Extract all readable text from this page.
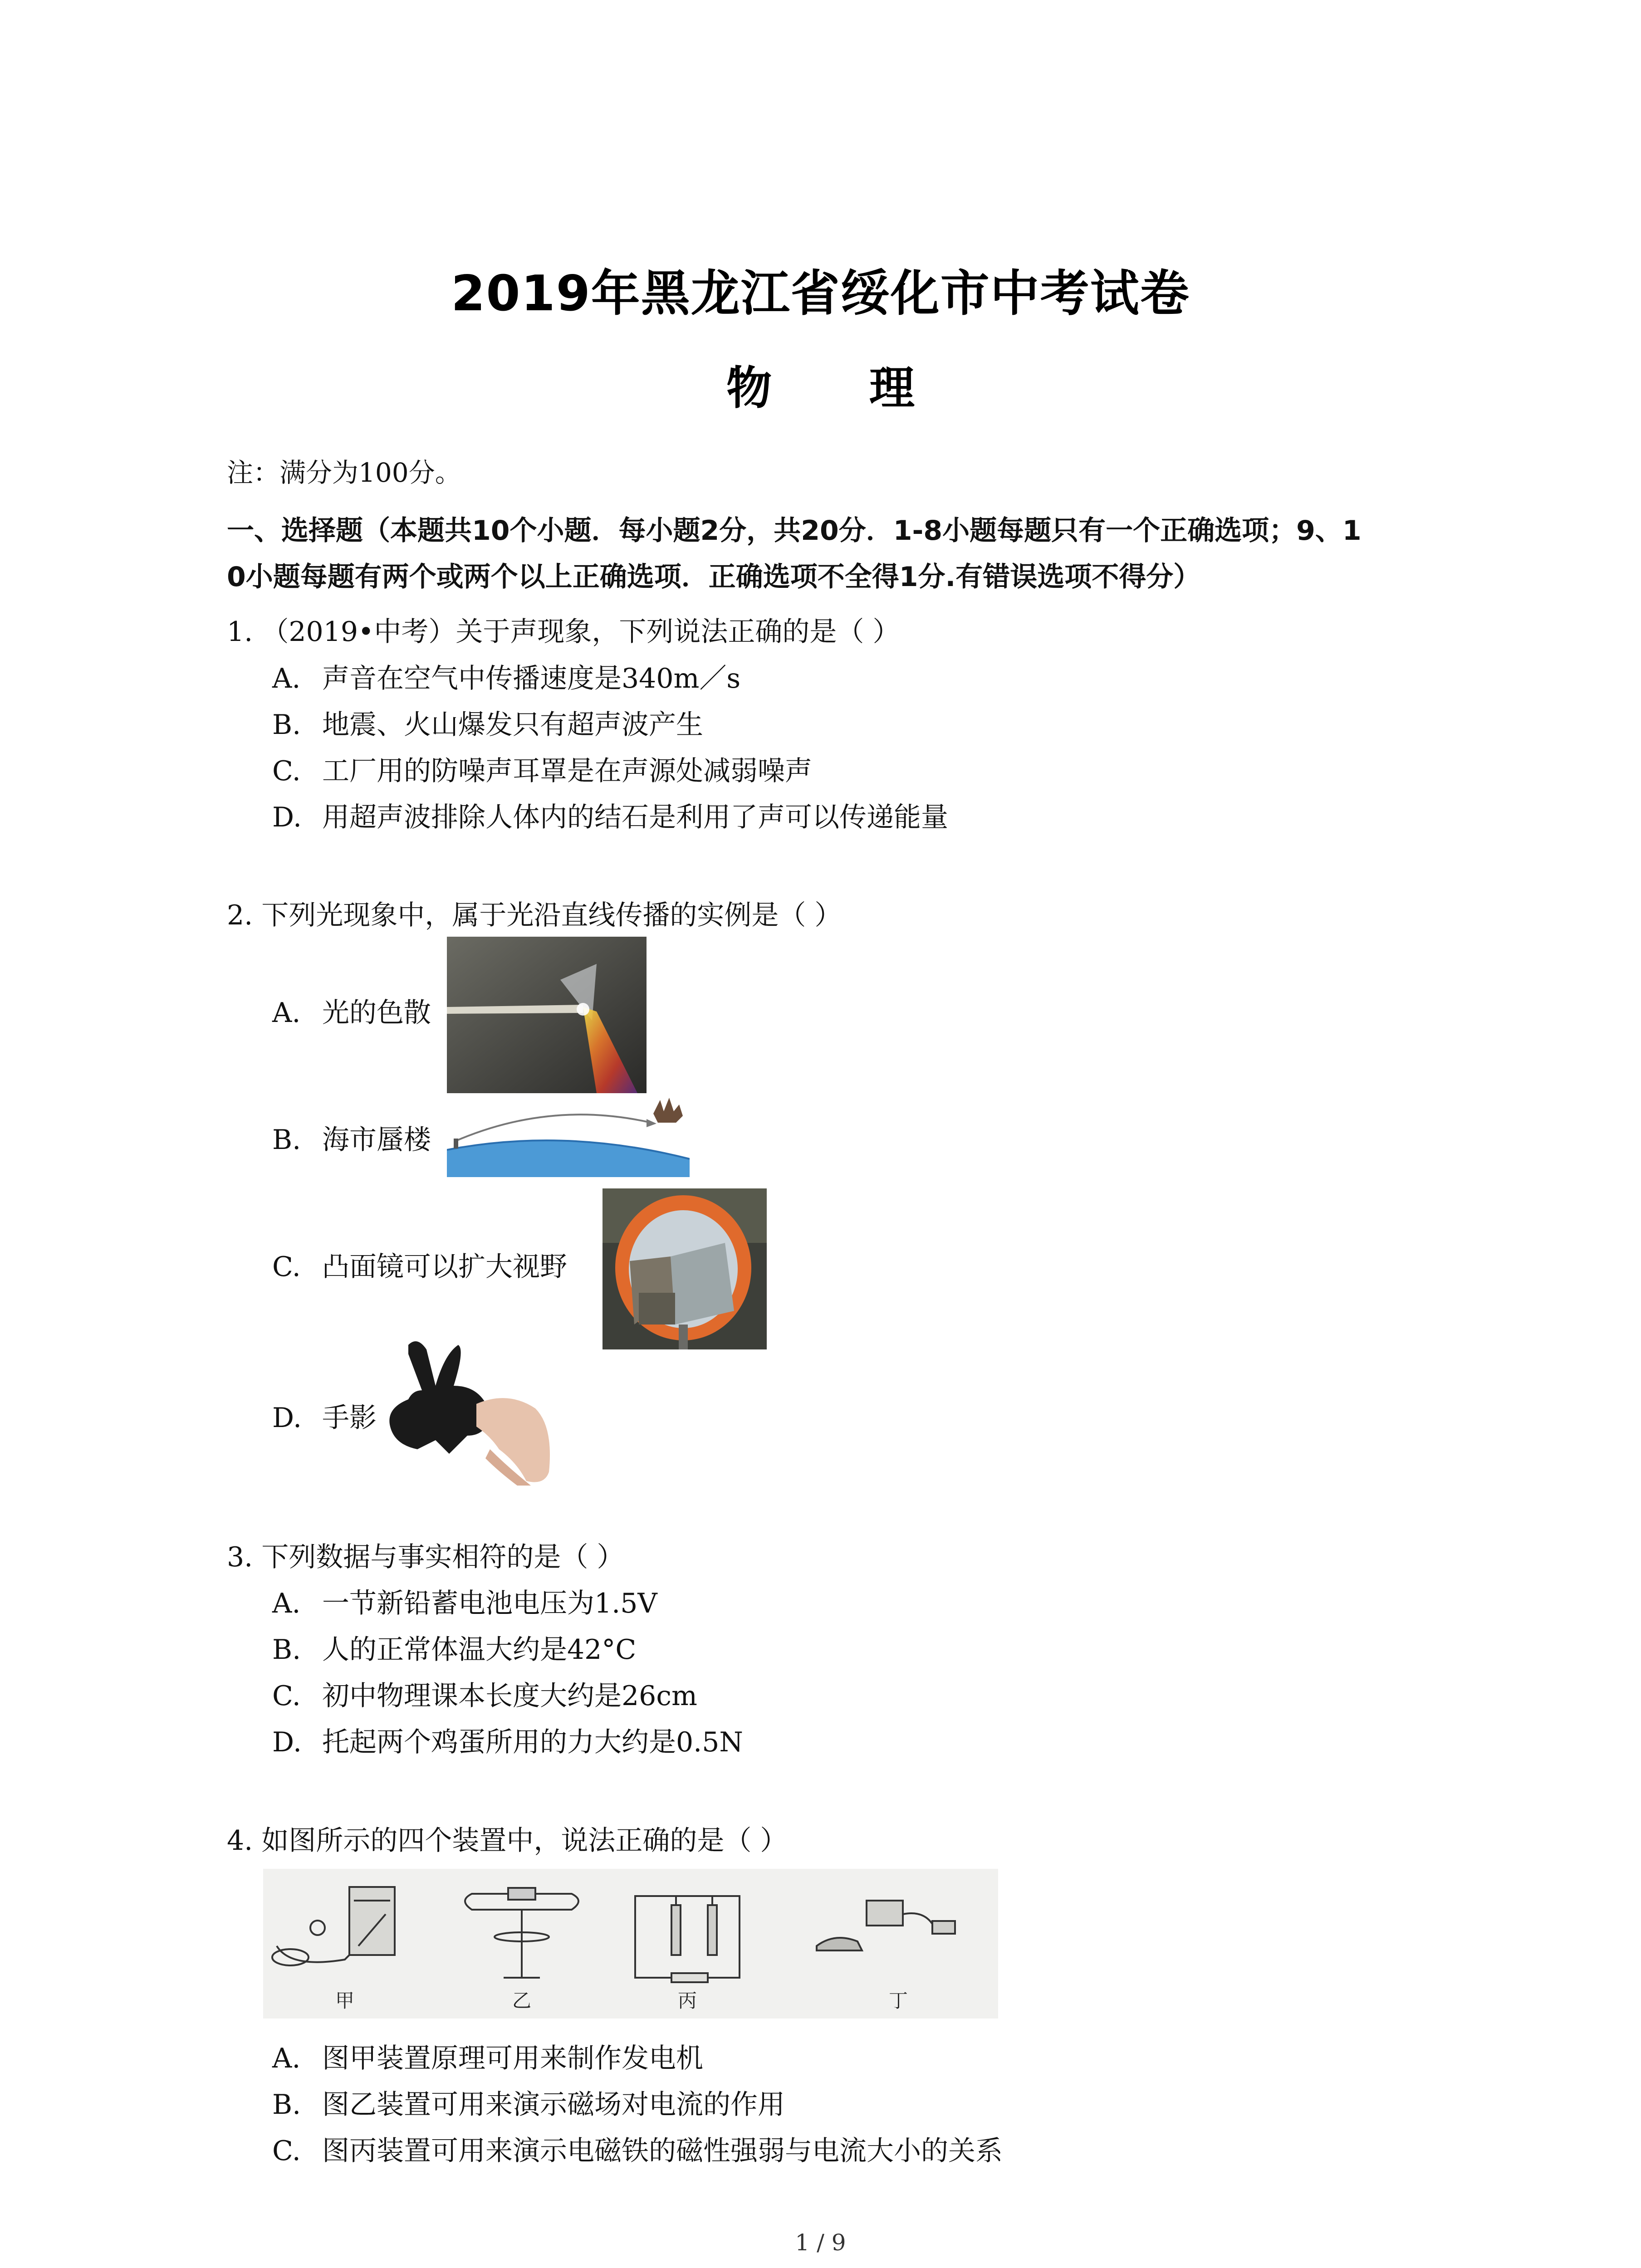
2019年黑龙江省绥化市中考试卷
物 理
注：满分为100分。
一、选择题（本题共10个小题．每小题2分，共20分．1-8小题每题只有一个正确选项；9、1
0小题每题有两个或两个以上正确选项．正确选项不全得1分.有错误选项不得分）
1. （2019•中考）关于声现象，下列说法正确的是（ ）
A. 声音在空气中传播速度是340m／s
B. 地震、火山爆发只有超声波产生
C. 工厂用的防噪声耳罩是在声源处减弱噪声
D. 用超声波排除人体内的结石是利用了声可以传递能量
2. 下列光现象中，属于光沿直线传播的实例是（ ）
A. 光的色散
B. 海市蜃楼
C. 凸面镜可以扩大视野
D. 手影
3. 下列数据与事实相符的是（ ）
A. 一节新铅蓄电池电压为1.5V
B. 人的正常体温大约是42°C
C. 初中物理课本长度大约是26cm
D. 托起两个鸡蛋所用的力大约是0.5N
4. 如图所示的四个装置中，说法正确的是（ ）
甲	乙	丙	丁
A. 图甲装置原理可用来制作发电机
B. 图乙装置可用来演示磁场对电流的作用
C. 图丙装置可用来演示电磁铁的磁性强弱与电流大小的关系
1 / 9
